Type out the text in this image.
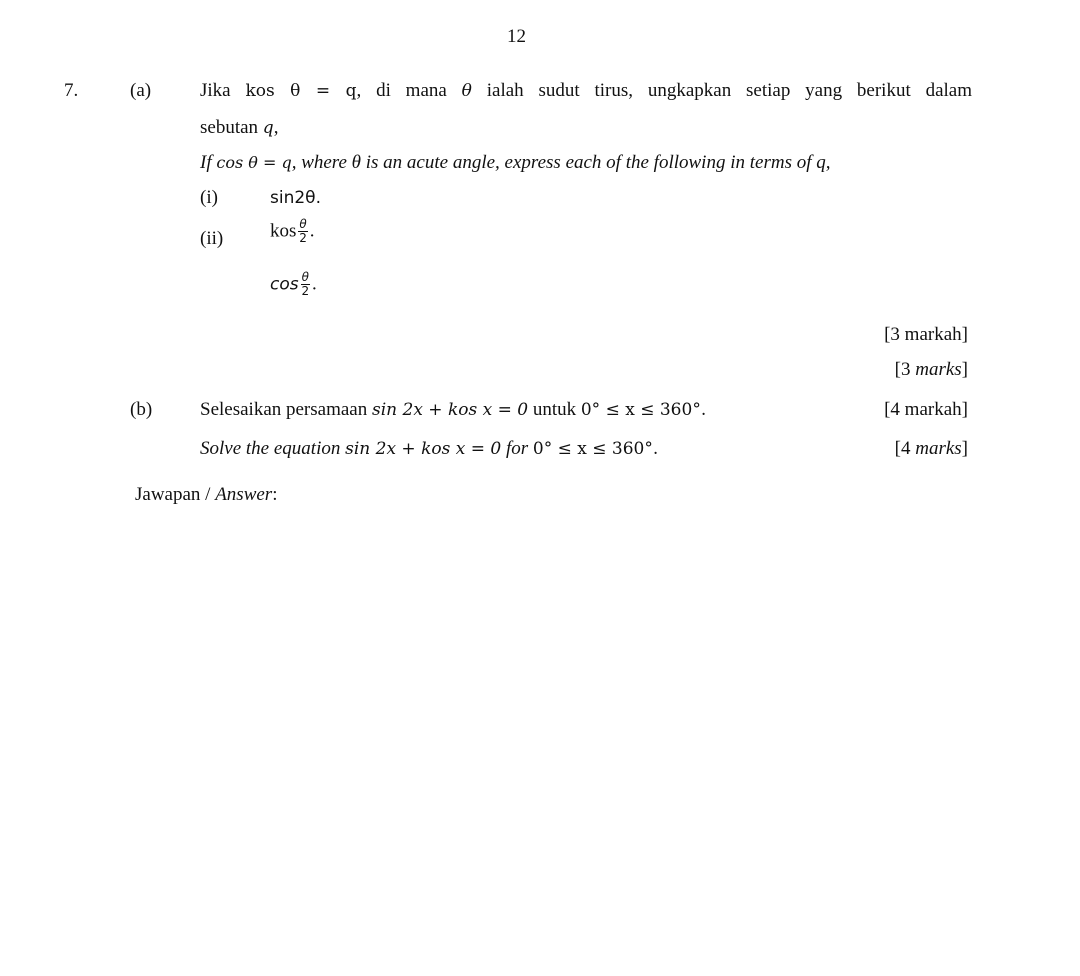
12
7.	(a)	Jika kos θ = q, di mana θ ialah sudut tirus, ungkapkan setiap yang berikut dalam
sebutan q,
If cos θ = q, where θ is an acute angle, express each of the following in terms of q,
(i)	sin2θ.
(ii) kos $\frac{\theta}{2}$ .
$\cos \frac{\theta}{2}$ .
[3 markah]
[3 marks]
(b)	Selesaikan persamaan sin 2x + kos x = 0 untuk 0° ≤ x ≤ 360°.	[4 markah]
Solve the equation sin 2x + kos x = 0 for 0° ≤ x ≤ 360°.	[4 marks]
Jawapan / Answer:
